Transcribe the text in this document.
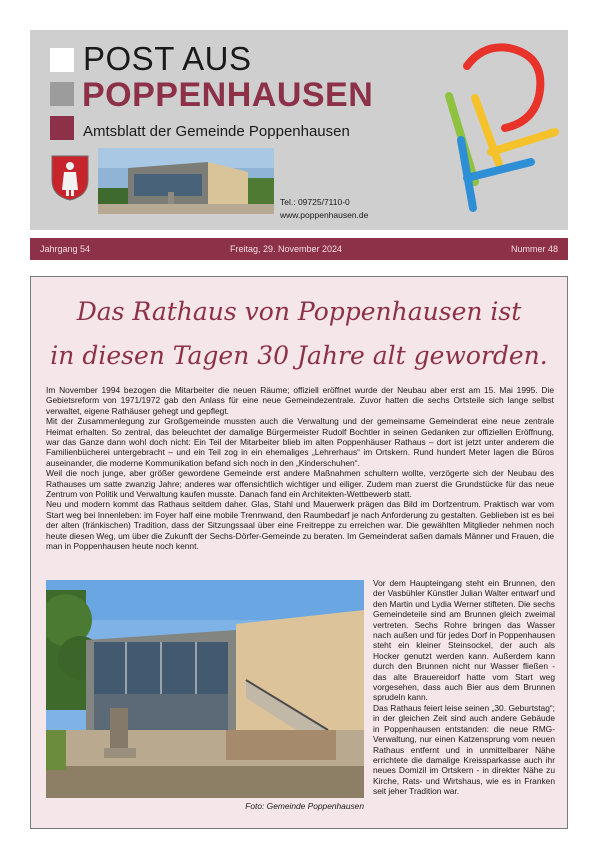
POST AUS
POPPENHAUSEN
Amtsblatt der Gemeinde Poppenhausen
Tel.: 09725/7110-0
www.poppenhausen.de
Jahrgang 54	Freitag, 29. November 2024	Nummer 48
Das Rathaus von Poppenhausen ist
in diesen Tagen 30 Jahre alt geworden.

Im November 1994 bezogen die Mitarbeiter die neuen Räume; offiziell eröffnet wurde der Neubau aber erst am 15. Mai 1995. Die Gebietsreform von 1971/1972 gab den Anlass für eine neue Gemeindezentrale. Zuvor hatten die sechs Ortsteile sich lange selbst verwaltet, eigene Rathäuser gehegt und gepflegt.

Mit der Zusammenlegung zur Großgemeinde mussten auch die Verwaltung und der gemeinsame Gemeinderat eine neue zentrale Heimat erhalten. So zentral, das beleuchtet der damalige Bürgermeister Rudolf Bochtler in seinen Gedanken zur offiziellen Eröffnung, war das Ganze dann wohl doch nicht: Ein Teil der Mitarbeiter blieb im alten Poppenhäuser Rathaus – dort ist jetzt unter anderem die Familienbücherei untergebracht – und ein Teil zog in ein ehemaliges „Lehrerhaus“ im Ortskern. Rund hundert Meter lagen die Büros auseinander, die moderne Kommunikation befand sich noch in den „Kinderschuhen“.

Weil die noch junge, aber größer gewordene Gemeinde erst andere Maßnahmen schultern wollte, verzögerte sich der Neubau des Rathauses um satte zwanzig Jahre; anderes war offensichtlich wichtiger und eiliger. Zudem man zuerst die Grundstücke für das neue Zentrum von Politik und Verwaltung kaufen musste. Danach fand ein Architekten-Wettbewerb statt.

Neu und modern kommt das Rathaus seitdem daher. Glas, Stahl und Mauerwerk prägen das Bild im Dorfzentrum. Praktisch war vom Start weg bei Innenleben: im Foyer half eine mobile Trennwand, den Raumbedarf je nach Anforderung zu gestalten. Geblieben ist es bei der alten (fränkischen) Tradition, dass der Sitzungssaal über eine Freitreppe zu erreichen war. Die gewählten Mitglieder nehmen noch heute diesen Weg, um über die Zukunft der Sechs-Dörfer-Gemeinde zu beraten. Im Gemeinderat saßen damals Männer und Frauen, die man in Poppenhausen heute noch kennt.

Foto: Gemeinde Poppenhausen

Vor dem Haupteingang steht ein Brunnen, den der Vasbühler Künstler Julian Walter entwarf und den Martin und Lydia Werner stifteten. Die sechs Gemeindeteile sind am Brunnen gleich zweimal vertreten. Sechs Rohre bringen das Wasser nach außen und für jedes Dorf in Poppenhausen steht ein kleiner Steinsockel, der auch als Hocker genutzt werden kann. Außerdem kann durch den Brunnen nicht nur Wasser fließen - das alte Brauereidorf hatte vom Start weg vorgesehen, dass auch Bier aus dem Brunnen sprudeln kann.

Das Rathaus feiert leise seinen „30. Geburtstag“; in der gleichen Zeit sind auch andere Gebäude in Poppenhausen entstanden: die neue RMG-Verwaltung, nur einen Katzensprung vom neuen Rathaus entfernt und in unmittelbarer Nähe errichtete die damalige Kreissparkasse auch ihr neues Domizil im Ortskern - in direkter Nähe zu Kirche, Rats- und Wirtshaus, wie es in Franken seit jeher Tradition war.
